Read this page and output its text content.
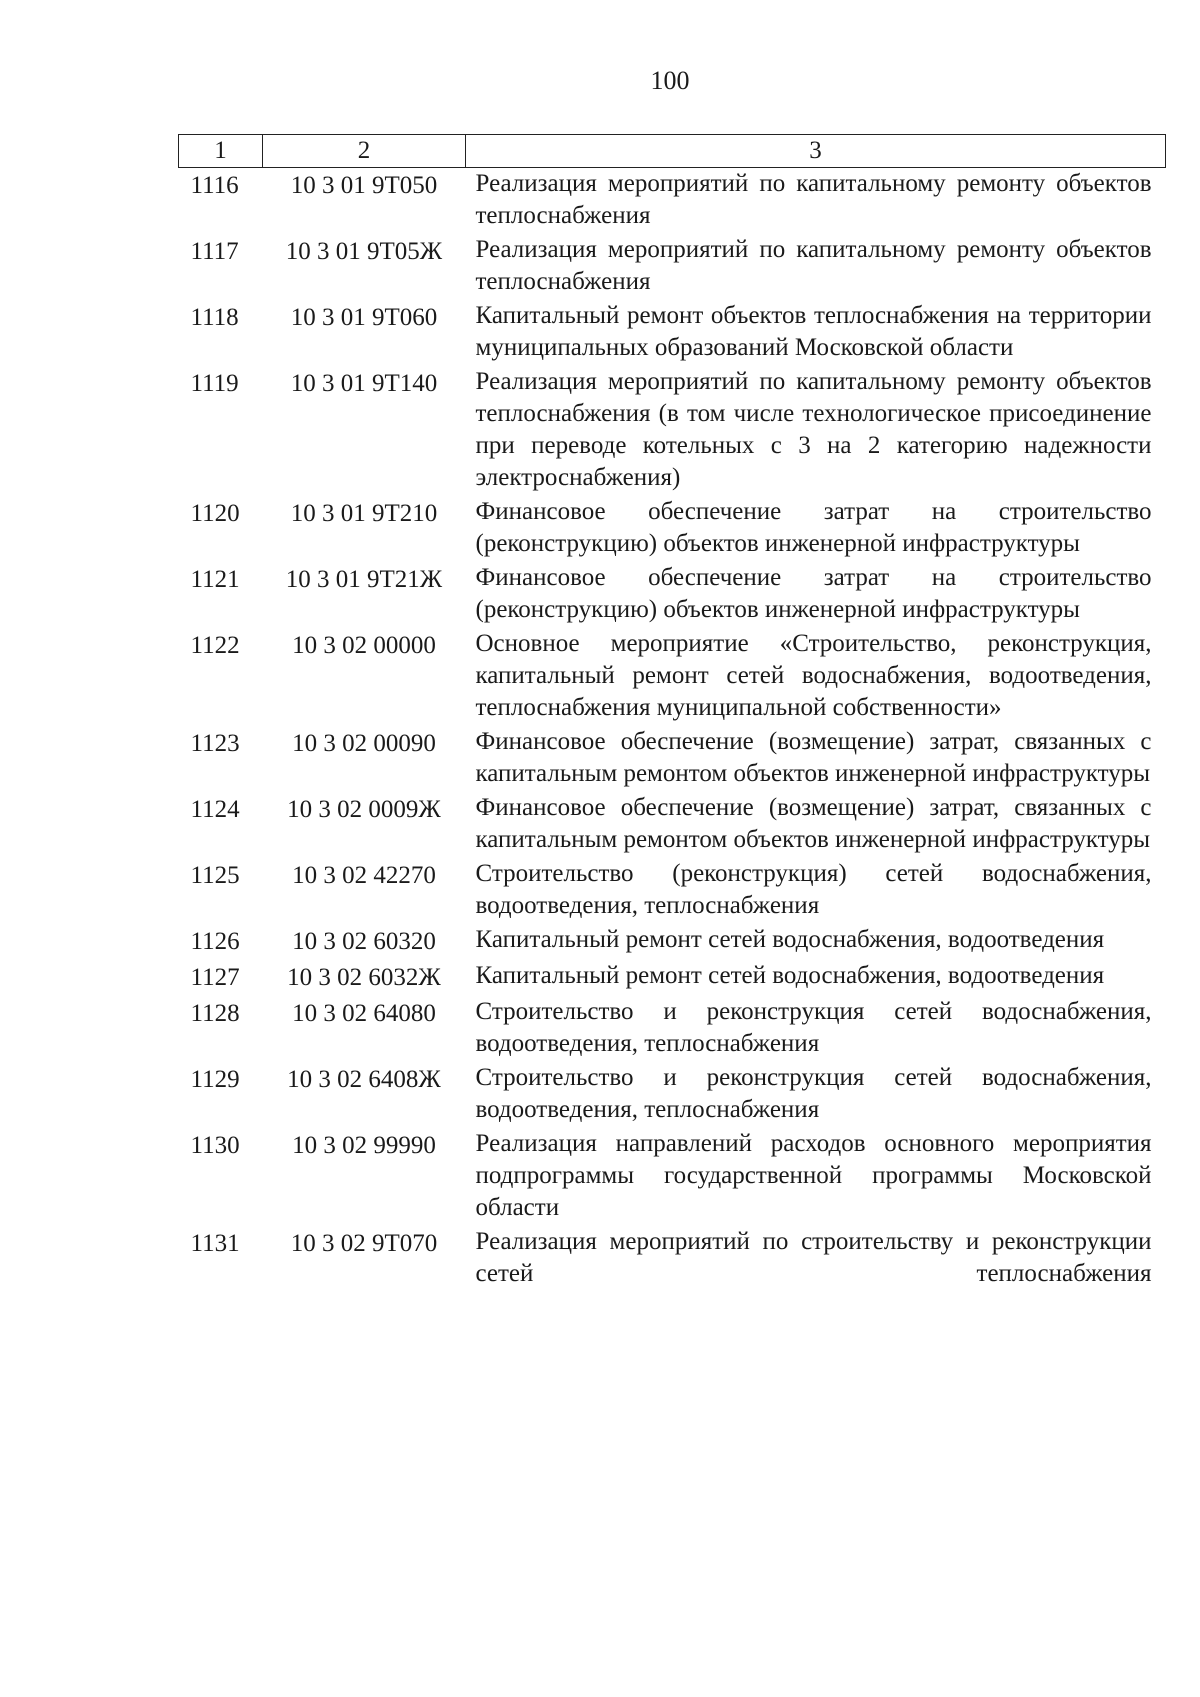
100
1	2	3
1116	10 3 01 9Т050	Реализация мероприятий по капитальному ремонту объектов теплоснабжения
1117	10 3 01 9Т05Ж	Реализация мероприятий по капитальному ремонту объектов теплоснабжения
1118	10 3 01 9Т060	Капитальный ремонт объектов теплоснабжения на территории муниципальных образований Московской области
1119	10 3 01 9Т140	Реализация мероприятий по капитальному ремонту объектов теплоснабжения (в том числе технологическое присоединение при переводе котельных с 3 на 2 категорию надежности электроснабжения)
1120	10 3 01 9Т210	Финансовое обеспечение затрат на строительство (реконструкцию) объектов инженерной инфраструктуры
1121	10 3 01 9Т21Ж	Финансовое обеспечение затрат на строительство (реконструкцию) объектов инженерной инфраструктуры
1122	10 3 02 00000	Основное мероприятие «Строительство, реконструкция, капитальный ремонт сетей водоснабжения, водоотведения, теплоснабжения муниципальной собственности»
1123	10 3 02 00090	Финансовое обеспечение (возмещение) затрат, связанных с капитальным ремонтом объектов инженерной инфраструктуры
1124	10 3 02 0009Ж	Финансовое обеспечение (возмещение) затрат, связанных с капитальным ремонтом объектов инженерной инфраструктуры
1125	10 3 02 42270	Строительство (реконструкция) сетей водоснабжения, водоотведения, теплоснабжения
1126	10 3 02 60320	Капитальный ремонт сетей водоснабжения, водоотведения
1127	10 3 02 6032Ж	Капитальный ремонт сетей водоснабжения, водоотведения
1128	10 3 02 64080	Строительство и реконструкция сетей водоснабжения, водоотведения, теплоснабжения
1129	10 3 02 6408Ж	Строительство и реконструкция сетей водоснабжения, водоотведения, теплоснабжения
1130	10 3 02 99990	Реализация направлений расходов основного мероприятия подпрограммы государственной программы Московской области
1131	10 3 02 9Т070	Реализация мероприятий по строительству и реконструкции сетей теплоснабжения
